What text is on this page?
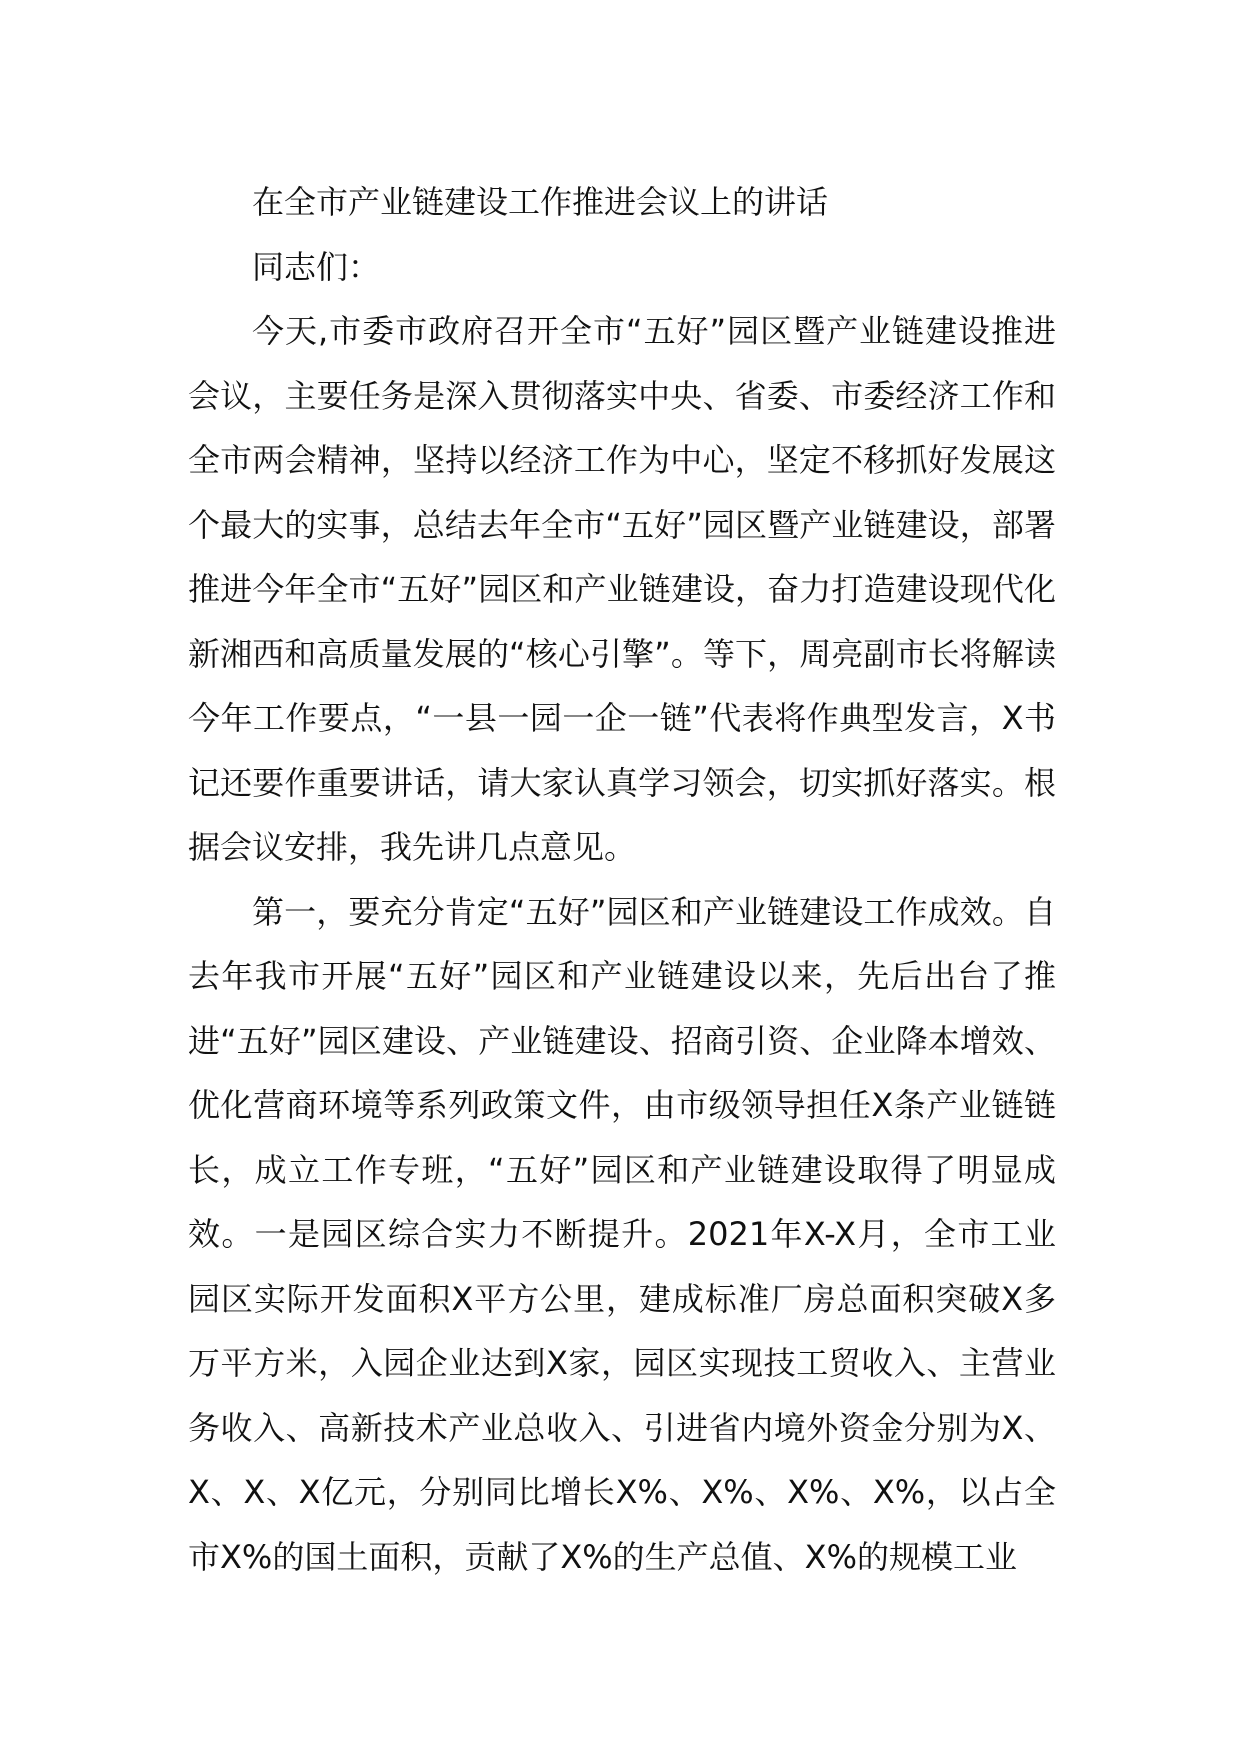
在全市产业链建设工作推进会议上的讲话

同志们：

今天,市委市政府召开全市“五好”园区暨产业链建设推进会议，主要任务是深入贯彻落实中央、省委、市委经济工作和全市两会精神，坚持以经济工作为中心，坚定不移抓好发展这个最大的实事，总结去年全市“五好”园区暨产业链建设，部署推进今年全市“五好”园区和产业链建设，奋力打造建设现代化新湘西和高质量发展的“核心引擎”。等下，周亮副市长将解读今年工作要点，“一县一园一企一链”代表将作典型发言，X书记还要作重要讲话，请大家认真学习领会，切实抓好落实。根据会议安排，我先讲几点意见。

第一，要充分肯定“五好”园区和产业链建设工作成效。自去年我市开展“五好”园区和产业链建设以来，先后出台了推进“五好”园区建设、产业链建设、招商引资、企业降本增效、优化营商环境等系列政策文件，由市级领导担任X条产业链链长，成立工作专班，“五好”园区和产业链建设取得了明显成效。一是园区综合实力不断提升。2021年X-X月，全市工业园区实际开发面积X平方公里，建成标准厂房总面积突破X多万平方米，入园企业达到X家，园区实现技工贸收入、主营业务收入、高新技术产业总收入、引进省内境外资金分别为X、X、X、X亿元，分别同比增长X%、X%、X%、X%，以占全市X%的国土面积，贡献了X%的生产总值、X%的规模工业
